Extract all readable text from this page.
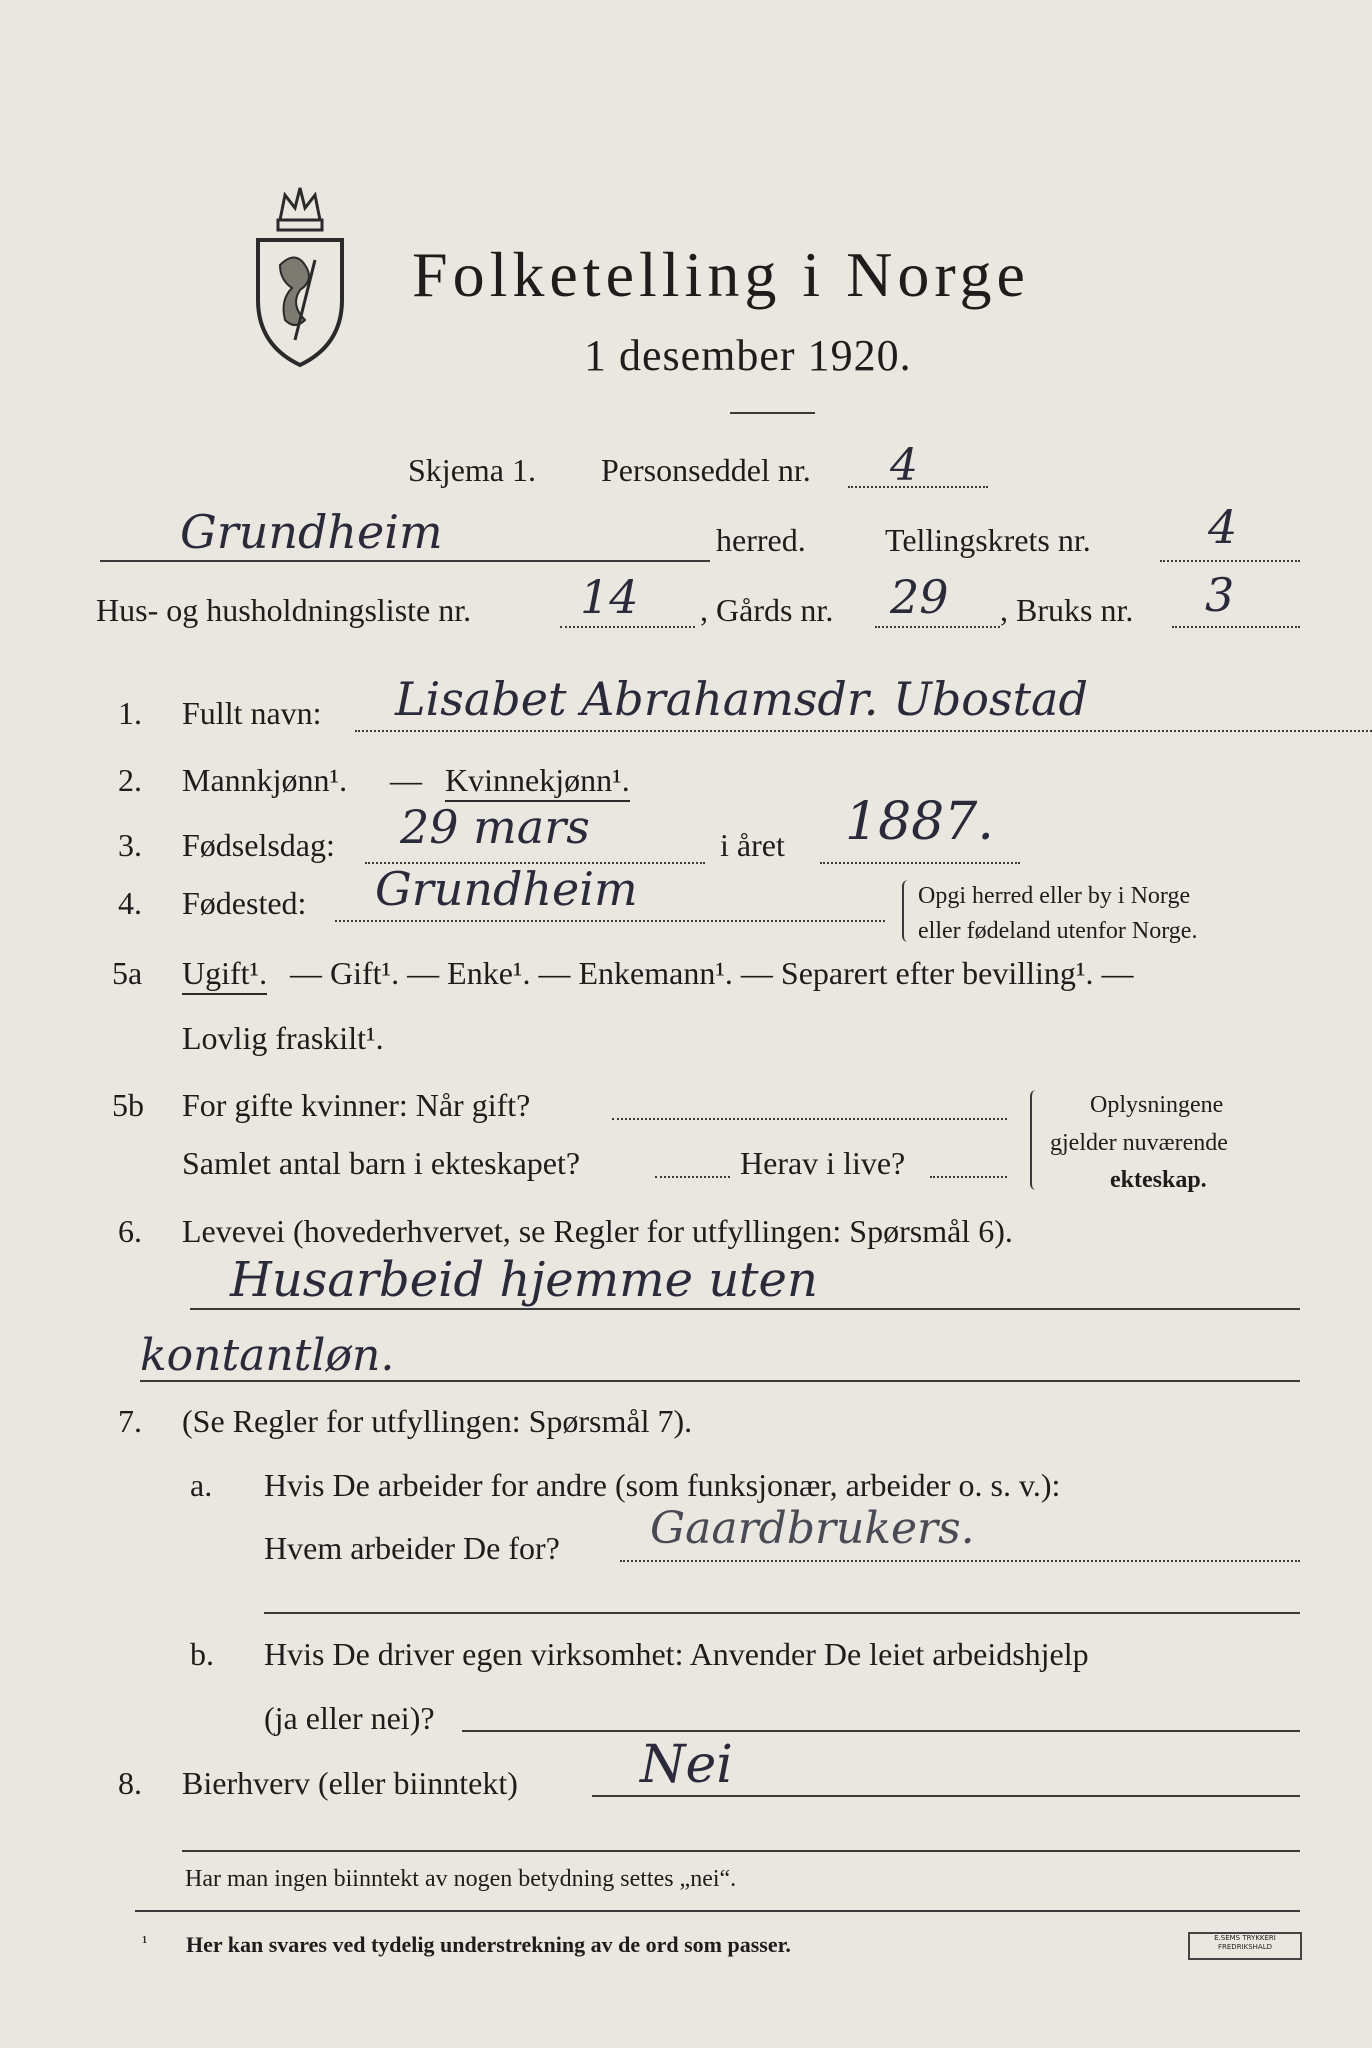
Folketelling i Norge
1 desember 1920.
Skjema 1. Personseddel nr. 4
Grundheim	herred. Tellingskrets nr.	4
Hus- og husholdningsliste nr. 14 , Gårds nr. 29 , Bruks nr. 3
1. Fullt navn: Lisabet Abrahamsdr. Ubostad
2. Mannkjønn¹. — Kvinnekjønn¹.
3. Fødselsdag: 29 mars	i året 1887.
4. Fødested: Grundheim	Opgi herred eller by i Norge
eller fødeland utenfor Norge.
5a Ugift¹. — Gift¹. — Enke¹. — Enkemann¹. — Separert efter bevilling¹. —
Lovlig fraskilt¹.
5b For gifte kvinner: Når gift?
Samlet antal barn i ekteskapet?	Herav i live?
Oplysningene
gjelder nuværende
ekteskap.
6. Levevei (hovederhvervet, se Regler for utfyllingen: Spørsmål 6).
Husarbeid hjemme uten
kontantløn.
7. (Se Regler for utfyllingen: Spørsmål 7).
a. Hvis De arbeider for andre (som funksjonær, arbeider o. s. v.):
Hvem arbeider De for? Gaardbrukers.
b. Hvis De driver egen virksomhet: Anvender De leiet arbeidshjelp
(ja eller nei)?
8. Bierhverv (eller biinntekt) Nei
Har man ingen biinntekt av nogen betydning settes „nei“.
¹ Her kan svares ved tydelig understrekning av de ord som passer.	E.SEMS TRYKKERI
FREDRIKSHALD
